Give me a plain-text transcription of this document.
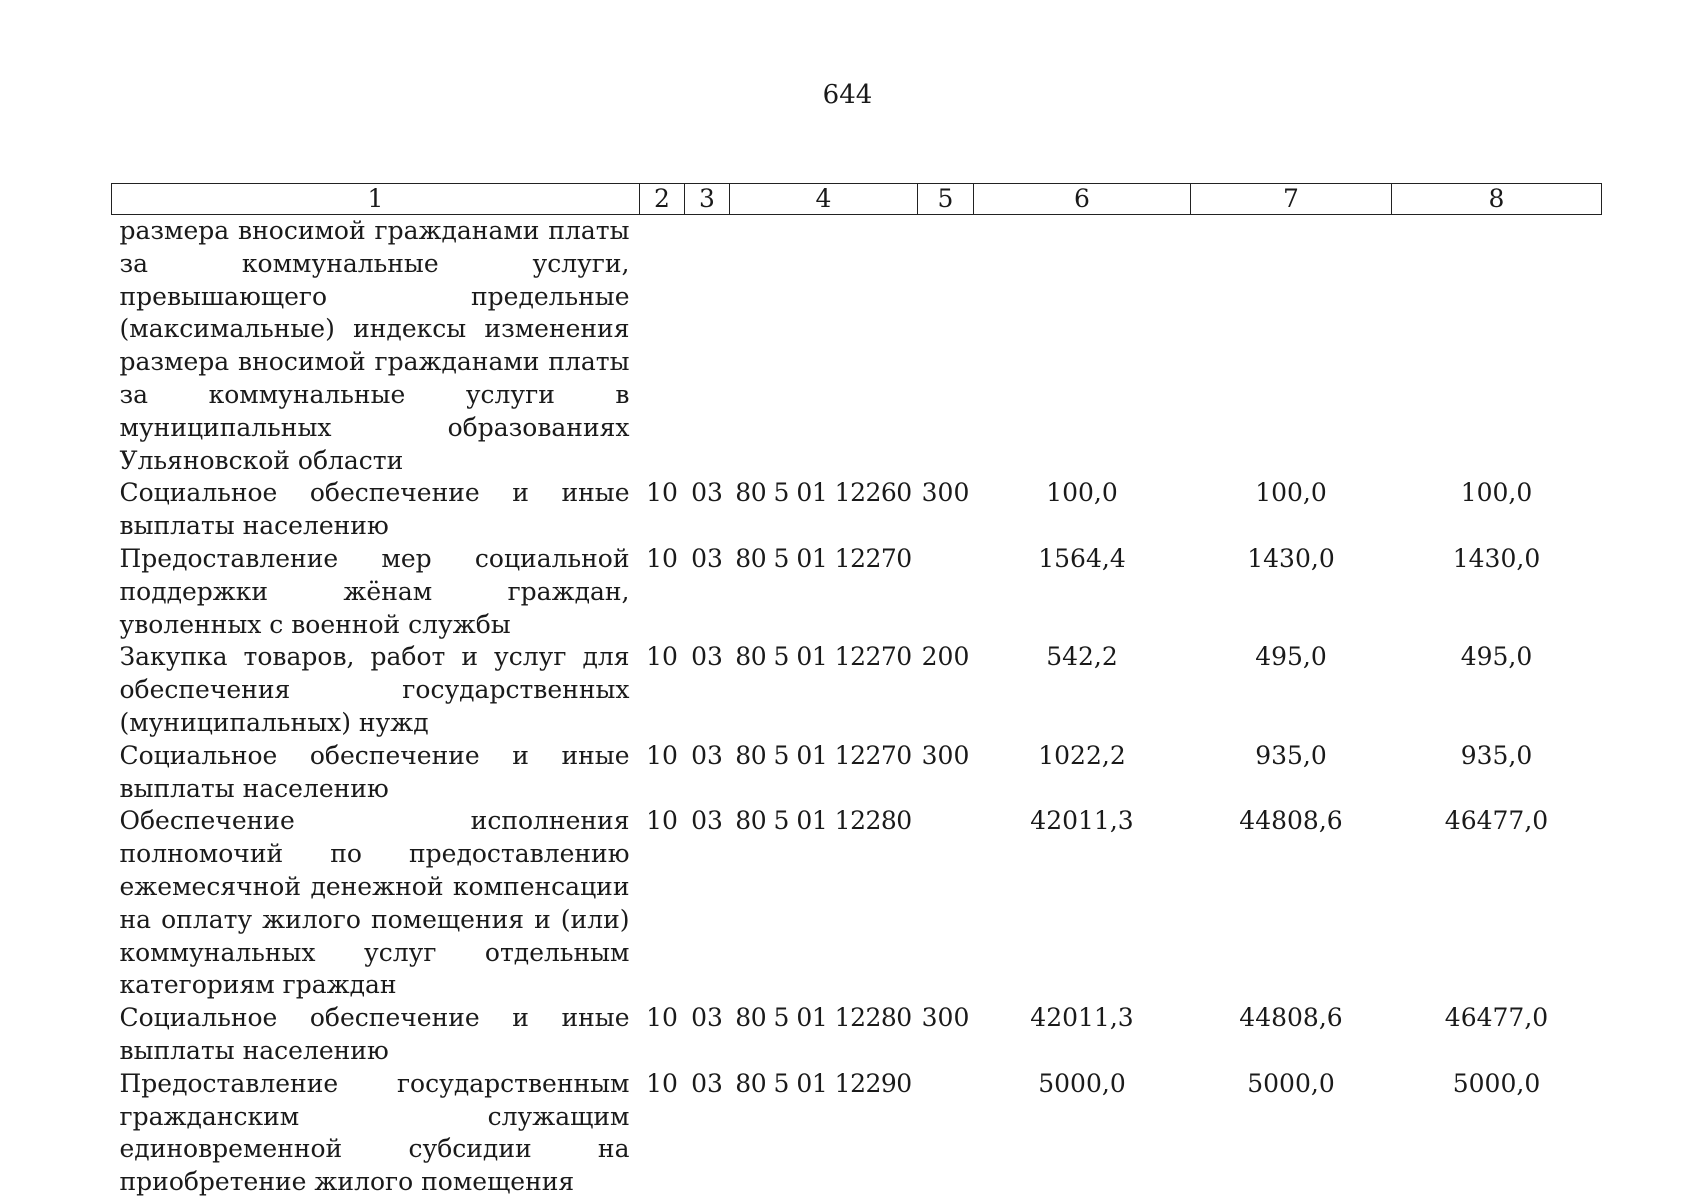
644
1	2	3	4	5	6	7	8
размера вносимой гражданами платы за коммунальные услуги, превышающего предельные (максимальные) индексы изменения размера вносимой гражданами платы за коммунальные услуги в муниципальных образованиях Ульяновской области							
Социальное обеспечение и иные выплаты населению	10	03	80 5 01 12260	300	100,0	100,0	100,0
Предоставление мер социальной поддержки жёнам граждан, уволенных с военной службы	10	03	80 5 01 12270		1564,4	1430,0	1430,0
Закупка товаров, работ и услуг для обеспечения государственных (муниципальных) нужд	10	03	80 5 01 12270	200	542,2	495,0	495,0
Социальное обеспечение и иные выплаты населению	10	03	80 5 01 12270	300	1022,2	935,0	935,0
Обеспечение исполнения полномочий по предоставлению ежемесячной денежной компенсации на оплату жилого помещения и (или) коммунальных услуг отдельным категориям граждан	10	03	80 5 01 12280		42011,3	44808,6	46477,0
Социальное обеспечение и иные выплаты населению	10	03	80 5 01 12280	300	42011,3	44808,6	46477,0
Предоставление государственным гражданским служащим единовременной субсидии на приобретение жилого помещения	10	03	80 5 01 12290		5000,0	5000,0	5000,0
